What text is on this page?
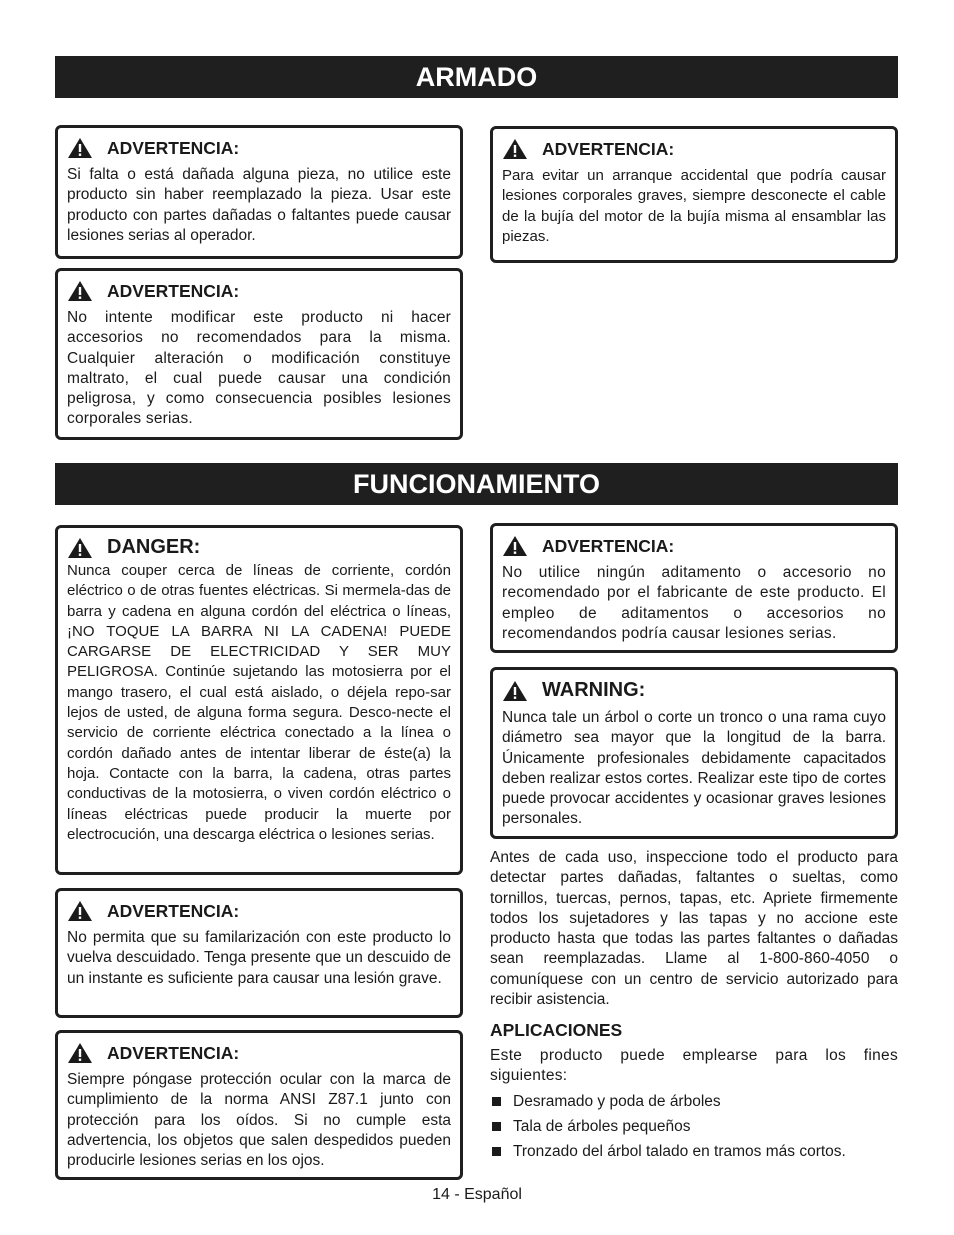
ARMADO
ADVERTENCIA:
Si falta o está dañada alguna pieza, no utilice este producto sin haber reemplazado la pieza. Usar este producto con partes dañadas o faltantes puede causar lesiones serias al operador.
ADVERTENCIA:
No intente modificar este producto ni hacer accesorios no recomendados para la misma. Cualquier alteración o modificación constituye maltrato, el cual puede causar una condición peligrosa, y como consecuencia posibles lesiones corporales serias.
ADVERTENCIA:
Para evitar un arranque accidental que podría causar lesiones corporales graves, siempre desconecte el cable de la bujía del motor de la bujía misma al ensamblar las piezas.
FUNCIONAMIENTO
DANGER:
Nunca couper cerca de líneas de corriente, cordón eléctrico o de otras fuentes eléctricas. Si mermela-das de barra y cadena en alguna cordón del eléctrica o líneas, ¡NO TOQUE LA BARRA NI LA CADENA! PUEDE CARGARSE DE ELECTRICIDAD Y SER MUY PELIGROSA. Continúe sujetando las motosierra por el mango trasero, el cual está aislado, o déjela repo-sar lejos de usted, de alguna forma segura. Desco-necte el servicio de corriente eléctrica conectado a la línea o cordón dañado antes de intentar liberar de éste(a) la hoja. Contacte con la barra, la cadena, otras partes conductivas de la motosierra, o viven cordón eléctrico o líneas eléctricas puede producir la muerte por electrocución, una descarga eléctrica o lesiones serias.
ADVERTENCIA:
No permita que su familarización con este producto lo vuelva descuidado. Tenga presente que un descuido de un instante es suficiente para causar una lesión grave.
ADVERTENCIA:
Siempre póngase protección ocular con la marca de cumplimiento de la norma ANSI Z87.1 junto con protección para los oídos. Si no cumple esta advertencia, los objetos que salen despedidos pueden producirle lesiones serias en los ojos.
ADVERTENCIA:
No utilice ningún aditamento o accesorio no recomendado por el fabricante de este producto. El empleo de aditamentos o accesorios no recomendandos podría causar lesiones serias.
WARNING:
Nunca tale un árbol o corte un tronco o una rama cuyo diámetro sea mayor que la longitud de la barra. Únicamente profesionales debidamente capacitados deben realizar estos cortes. Realizar este tipo de cortes puede provocar accidentes y ocasionar graves lesiones personales.
Antes de cada uso, inspeccione todo el producto para detectar partes dañadas, faltantes o sueltas, como tornillos, tuercas, pernos, tapas, etc. Apriete firmemente todos los sujetadores y las tapas y no accione este producto hasta que todas las partes faltantes o dañadas sean reemplazadas. Llame al 1-800-860-4050 o comuníquese con un centro de servicio autorizado para recibir asistencia.
APLICACIONES
Este producto puede emplearse para los fines siguientes:
Desramado y poda de árboles
Tala de árboles pequeños
Tronzado del árbol talado en tramos más cortos.
14 - Español
